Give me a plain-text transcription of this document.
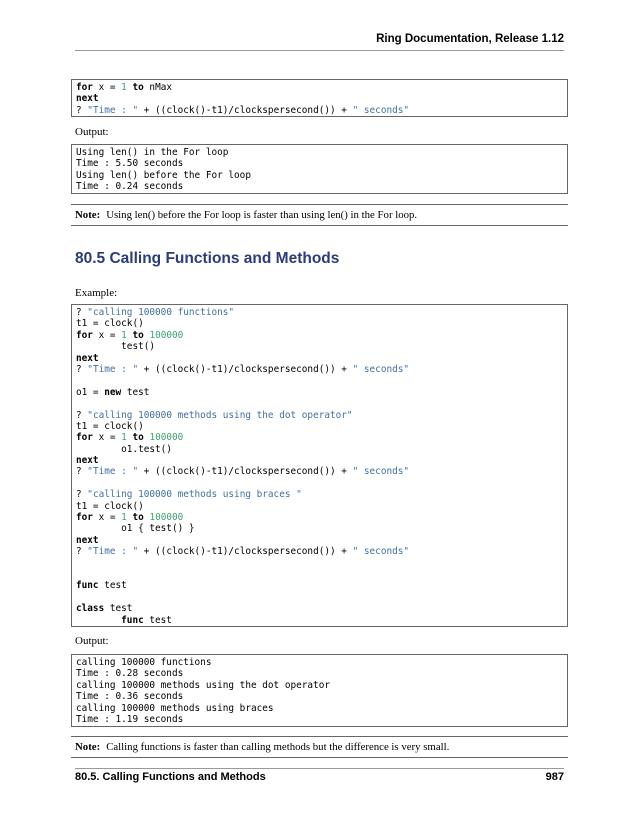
Ring Documentation, Release 1.12
for x = 1 to nMax
next
? "Time : " + ((clock()-t1)/clockspersecond()) + " seconds"
Output:
Using len() in the For loop
Time : 5.50 seconds
Using len() before the For loop
Time : 0.24 seconds
Note: Using len() before the For loop is faster than using len() in the For loop.
80.5 Calling Functions and Methods
Example:
? "calling 100000 functions"
t1 = clock()
for x = 1 to 100000
test()
next
? "Time : " + ((clock()-t1)/clockspersecond()) + " seconds"
o1 = new test
? "calling 100000 methods using the dot operator"
t1 = clock()
for x = 1 to 100000
o1.test()
next
? "Time : " + ((clock()-t1)/clockspersecond()) + " seconds"
? "calling 100000 methods using braces "
t1 = clock()
for x = 1 to 100000
o1 { test() }
next
? "Time : " + ((clock()-t1)/clockspersecond()) + " seconds"
func test
class test
func test
Output:
calling 100000 functions
Time : 0.28 seconds
calling 100000 methods using the dot operator
Time : 0.36 seconds
calling 100000 methods using braces
Time : 1.19 seconds
Note: Calling functions is faster than calling methods but the difference is very small.
80.5. Calling Functions and Methods	987
